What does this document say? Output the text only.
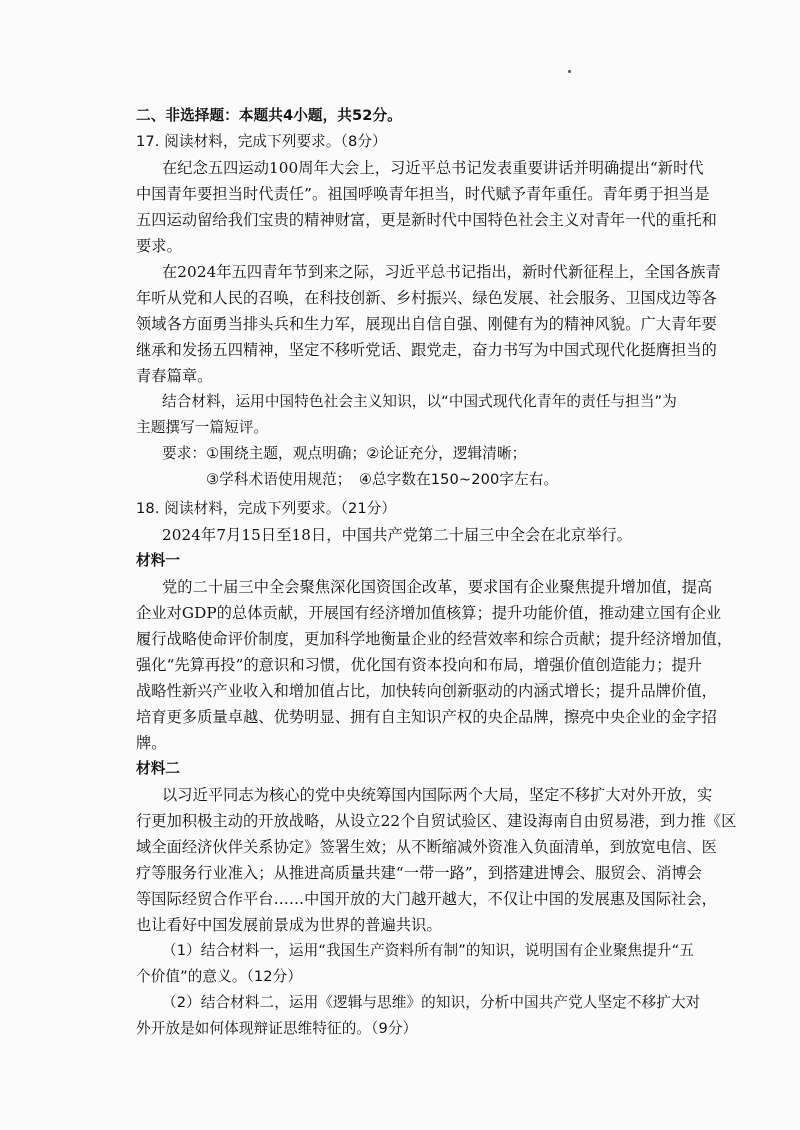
二、非选择题：本题共4小题，共52分。
17. 阅读材料，完成下列要求。（8分）
在纪念五四运动100周年大会上，习近平总书记发表重要讲话并明确提出“新时代
中国青年要担当时代责任”。祖国呼唤青年担当，时代赋予青年重任。青年勇于担当是
五四运动留给我们宝贵的精神财富，更是新时代中国特色社会主义对青年一代的重托和
要求。
在2024年五四青年节到来之际，习近平总书记指出，新时代新征程上，全国各族青
年听从党和人民的召唤，在科技创新、乡村振兴、绿色发展、社会服务、卫国戍边等各
领域各方面勇当排头兵和生力军，展现出自信自强、刚健有为的精神风貌。广大青年要
继承和发扬五四精神，坚定不移听党话、跟党走，奋力书写为中国式现代化挺膺担当的
青春篇章。
结合材料，运用中国特色社会主义知识，以“中国式现代化青年的责任与担当”为
主题撰写一篇短评。
要求：①围绕主题，观点明确；②论证充分，逻辑清晰；
③学科术语使用规范；　④总字数在150~200字左右。
18. 阅读材料，完成下列要求。（21分）
2024年7月15日至18日，中国共产党第二十届三中全会在北京举行。
材料一
党的二十届三中全会聚焦深化国资国企改革，要求国有企业聚焦提升增加值，提高
企业对GDP的总体贡献，开展国有经济增加值核算；提升功能价值，推动建立国有企业
履行战略使命评价制度，更加科学地衡量企业的经营效率和综合贡献；提升经济增加值，
强化“先算再投”的意识和习惯，优化国有资本投向和布局，增强价值创造能力；提升
战略性新兴产业收入和增加值占比，加快转向创新驱动的内涵式增长；提升品牌价值，
培育更多质量卓越、优势明显、拥有自主知识产权的央企品牌，擦亮中央企业的金字招
牌。
材料二
以习近平同志为核心的党中央统筹国内国际两个大局，坚定不移扩大对外开放，实
行更加积极主动的开放战略，从设立22个自贸试验区、建设海南自由贸易港，到力推《区
域全面经济伙伴关系协定》签署生效；从不断缩减外资准入负面清单，到放宽电信、医
疗等服务行业准入；从推进高质量共建“一带一路”，到搭建进博会、服贸会、消博会
等国际经贸合作平台……中国开放的大门越开越大，不仅让中国的发展惠及国际社会，
也让看好中国发展前景成为世界的普遍共识。
（1）结合材料一，运用“我国生产资料所有制”的知识，说明国有企业聚焦提升“五
个价值”的意义。（12分）
（2）结合材料二，运用《逻辑与思维》的知识，分析中国共产党人坚定不移扩大对
外开放是如何体现辩证思维特征的。（9分）
